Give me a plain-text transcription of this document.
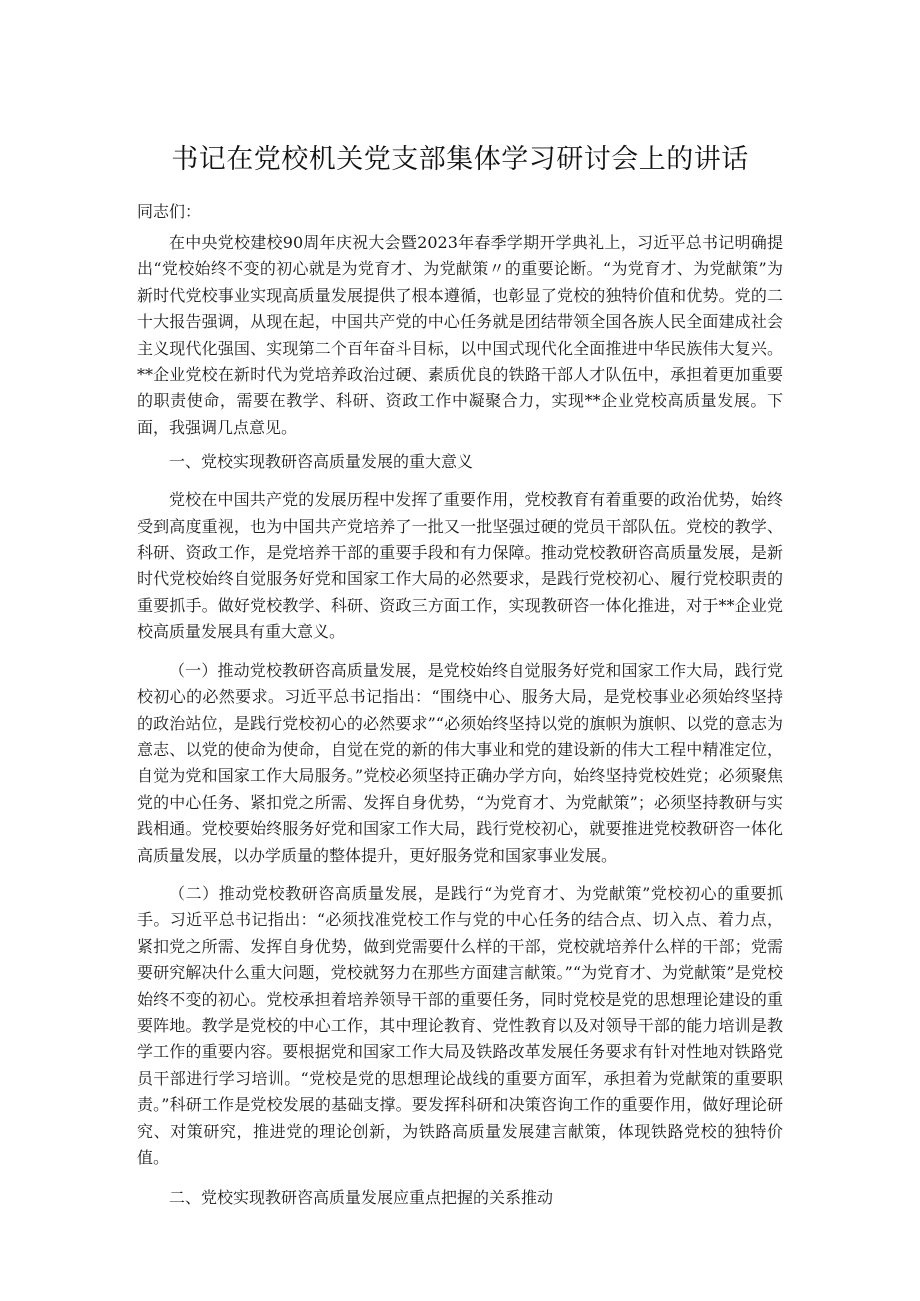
书记在党校机关党支部集体学习研讨会上的讲话

同志们：

在中央党校建校90周年庆祝大会暨2023年春季学期开学典礼上，习近平总书记明确提出“党校始终不变的初心就是为党育才、为党献策〃的重要论断。“为党育才、为党献策”为新时代党校事业实现高质量发展提供了根本遵循，也彰显了党校的独特价值和优势。党的二十大报告强调，从现在起，中国共产党的中心任务就是团结带领全国各族人民全面建成社会主义现代化强国、实现第二个百年奋斗目标，以中国式现代化全面推进中华民族伟大复兴。**企业党校在新时代为党培养政治过硬、素质优良的铁路干部人才队伍中，承担着更加重要的职责使命，需要在教学、科研、资政工作中凝聚合力，实现**企业党校高质量发展。下面，我强调几点意见。

一、党校实现教研咨高质量发展的重大意义

党校在中国共产党的发展历程中发挥了重要作用，党校教育有着重要的政治优势，始终受到高度重视，也为中国共产党培养了一批又一批坚强过硬的党员干部队伍。党校的教学、科研、资政工作，是党培养干部的重要手段和有力保障。推动党校教研咨高质量发展，是新时代党校始终自觉服务好党和国家工作大局的必然要求，是践行党校初心、履行党校职责的重要抓手。做好党校教学、科研、资政三方面工作，实现教研咨一体化推进，对于**企业党校高质量发展具有重大意义。

（一）推动党校教研咨高质量发展，是党校始终自觉服务好党和国家工作大局，践行党校初心的必然要求。习近平总书记指出：“围绕中心、服务大局，是党校事业必须始终坚持的政治站位，是践行党校初心的必然要求”“必须始终坚持以党的旗帜为旗帜、以党的意志为意志、以党的使命为使命，自觉在党的新的伟大事业和党的建设新的伟大工程中精准定位，自觉为党和国家工作大局服务。”党校必须坚持正确办学方向，始终坚持党校姓党；必须聚焦党的中心任务、紧扣党之所需、发挥自身优势，“为党育才、为党献策”；必须坚持教研与实践相通。党校要始终服务好党和国家工作大局，践行党校初心，就要推进党校教研咨一体化高质量发展，以办学质量的整体提升，更好服务党和国家事业发展。

（二）推动党校教研咨高质量发展，是践行“为党育才、为党献策”党校初心的重要抓手。习近平总书记指出：“必须找准党校工作与党的中心任务的结合点、切入点、着力点，紧扣党之所需、发挥自身优势，做到党需要什么样的干部，党校就培养什么样的干部；党需要研究解决什么重大问题，党校就努力在那些方面建言献策。”“为党育才、为党献策”是党校始终不变的初心。党校承担着培养领导干部的重要任务，同时党校是党的思想理论建设的重要阵地。教学是党校的中心工作，其中理论教育、党性教育以及对领导干部的能力培训是教学工作的重要内容。要根据党和国家工作大局及铁路改革发展任务要求有针对性地对铁路党员干部进行学习培训。“党校是党的思想理论战线的重要方面军，承担着为党献策的重要职责。”科研工作是党校发展的基础支撑。要发挥科研和决策咨询工作的重要作用，做好理论研究、对策研究，推进党的理论创新，为铁路高质量发展建言献策，体现铁路党校的独特价值。

二、党校实现教研咨高质量发展应重点把握的关系推动
